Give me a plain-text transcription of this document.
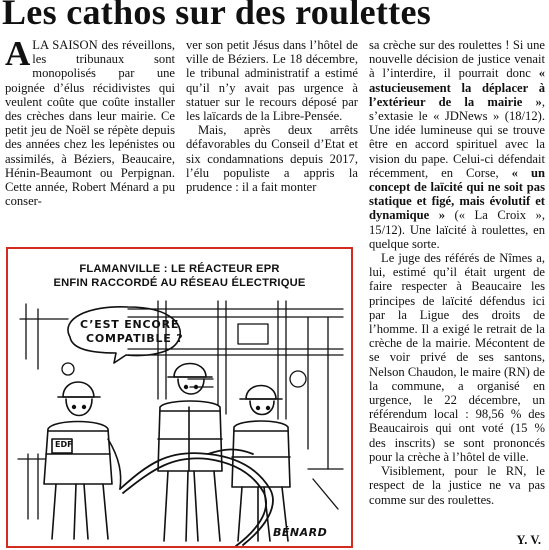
Les cathos sur des roulettes

ALA SAISON des réveillons, les tribunaux sont monopolisés par une poignée d’élus récidivistes qui veulent coûte que coûte installer des crèches dans leur mairie. Ce petit jeu de Noël se répète depuis des années chez les lepénistes ou assimilés, à Béziers, Beaucaire, Hénin-Beaumont ou Perpignan. Cette année, Robert Ménard a pu conser-

ver son petit Jésus dans l’hôtel de ville de Béziers. Le 18 décembre, le tribunal administratif a estimé qu’il n’y avait pas urgence à statuer sur le recours déposé par les laïcards de la Libre-Pensée.

Mais, après deux arrêts défavorables du Conseil d’Etat et six condamnations depuis 2017, l’élu populiste a appris la prudence : il a fait monter

sa crèche sur des roulettes ! Si une nouvelle décision de justice venait à l’interdire, il pourrait donc « astucieusement la déplacer à l’extérieur de la mairie », s’extasie le « JDNews » (18/12). Une idée lumineuse qui se trouve être en accord spirituel avec la vision du pape. Celui-ci défendait récemment, en Corse, « un concept de laïcité qui ne soit pas statique et figé, mais évolutif et dynamique » (« La Croix », 15/12). Une laïcité à roulettes, en quelque sorte.

Le juge des référés de Nîmes a, lui, estimé qu’il était urgent de faire respecter à Beaucaire les principes de laïcité défendus ici par la Ligue des droits de l’homme. Il a exigé le retrait de la crèche de la mairie. Mécontent de se voir privé de ses santons, Nelson Chaudon, le maire (RN) de la commune, a organisé en urgence, le 22 décembre, un référendum local : 98,56 % des Beaucairois qui ont voté (15 % des inscrits) se sont prononcés pour la crèche à l’hôtel de ville.

Visiblement, pour le RN, le respect de la justice ne va pas comme sur des roulettes.

Y. V.
FLAMANVILLE : LE RÉACTEUR EPR
ENFIN RACCORDÉ AU RÉSEAU ÉLECTRIQUE
C’EST ENCORE
COMPATIBLE ?
EDF
BÉNARD
